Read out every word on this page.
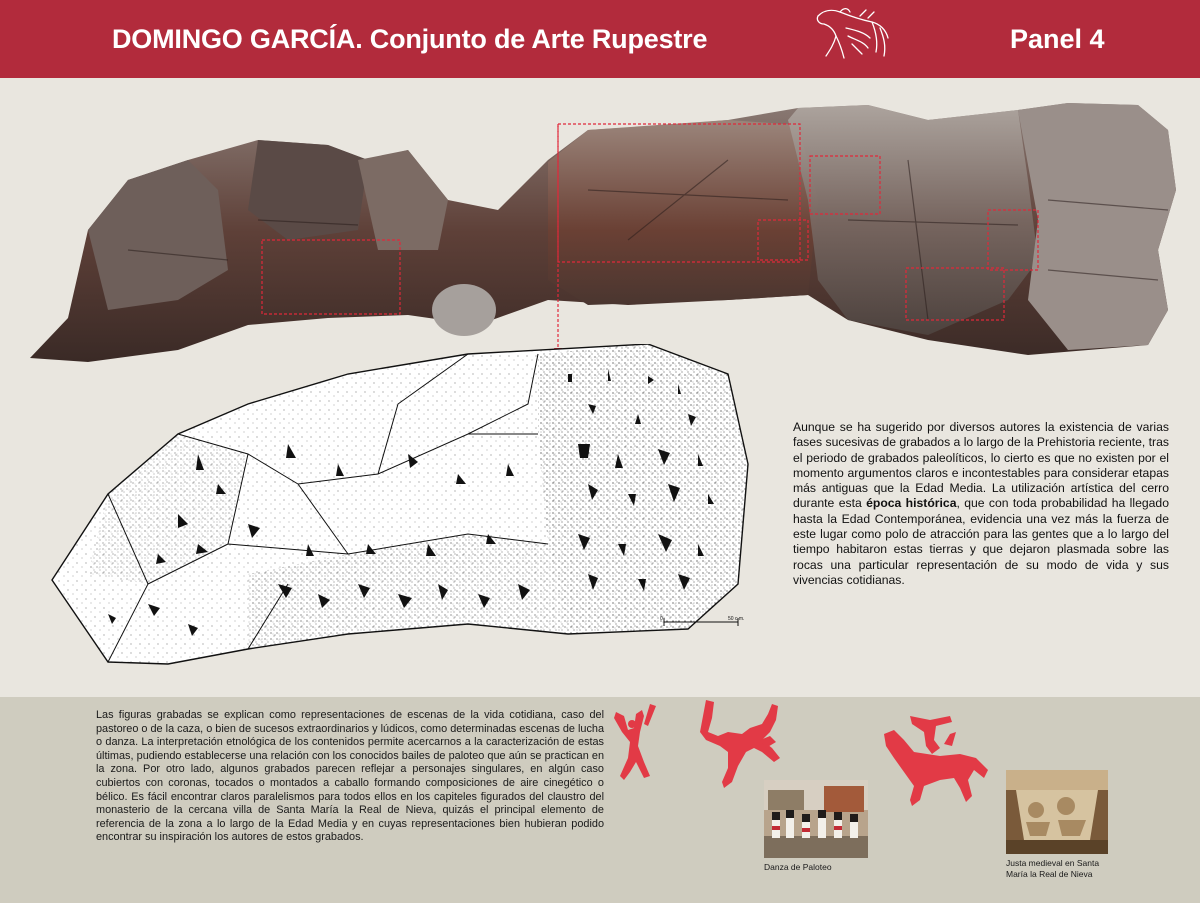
DOMINGO GARCÍA. Conjunto de Arte Rupestre	Panel 4
0	50 c.m.
Aunque se ha sugerido por diversos autores la existencia de varias fases sucesivas de grabados a lo largo de la Prehistoria reciente, tras el periodo de grabados paleolíticos, lo cierto es que no existen por el momento argumentos claros e incontestables para considerar etapas más antiguas que la Edad Media. La utilización artística del cerro durante esta época histórica, que con toda probabilidad ha llegado hasta la Edad Contemporánea, evidencia una vez más la fuerza de este lugar como polo de atracción para las gentes que a lo largo del tiempo habitaron estas tierras y que dejaron plasmada sobre las rocas una particular representación de su modo de vida y sus vivencias cotidianas.
Las figuras grabadas se explican como representaciones de escenas de la vida cotidiana, caso del pastoreo o de la caza, o bien de sucesos extraordinarios y lúdicos, como determinadas escenas de lucha o danza. La interpretación etnológica de los contenidos permite acercarnos a la caracterización de estas últimas, pudiendo establecerse una relación con los conocidos bailes de paloteo que aún se practican en la zona. Por otro lado, algunos grabados parecen reflejar a personajes singulares, en algún caso cubiertos con coronas, tocados o montados a caballo formando composiciones de aire cinegético o bélico. Es fácil encontrar claros paralelismos para todos ellos en los capiteles figurados del claustro del monasterio de la cercana villa de Santa María la Real de Nieva, quizás el principal elemento de referencia de la zona a lo largo de la Edad Media y en cuyas representaciones bien hubieran podido encontrar su inspiración los autores de estos grabados.
Danza de Paloteo	Justa medieval en Santa
María la Real de Nieva
